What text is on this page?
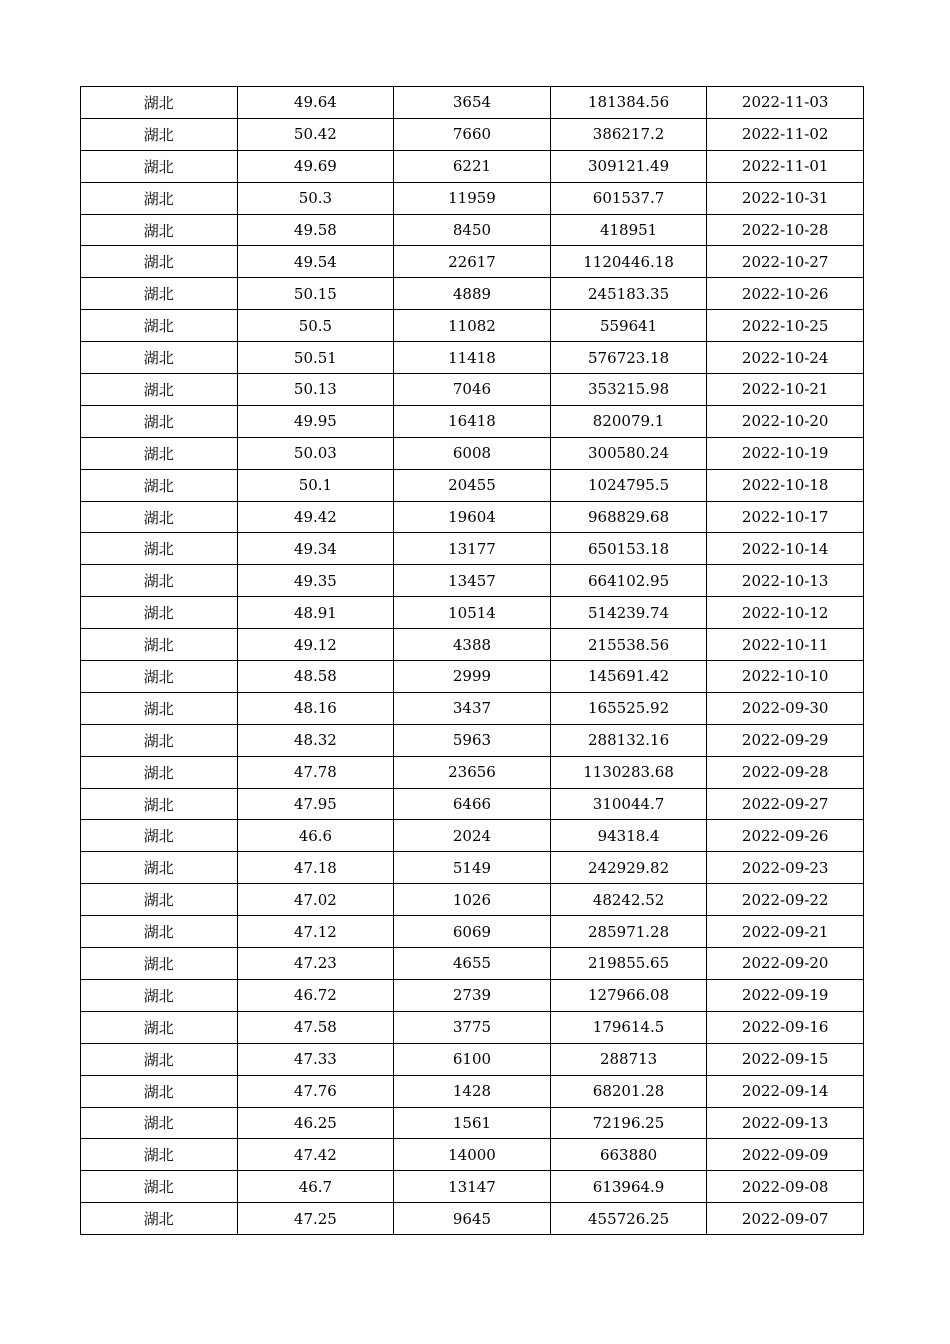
湖北	49.64	3654	181384.56	2022-11-03
湖北	50.42	7660	386217.2	2022-11-02
湖北	49.69	6221	309121.49	2022-11-01
湖北	50.3	11959	601537.7	2022-10-31
湖北	49.58	8450	418951	2022-10-28
湖北	49.54	22617	1120446.18	2022-10-27
湖北	50.15	4889	245183.35	2022-10-26
湖北	50.5	11082	559641	2022-10-25
湖北	50.51	11418	576723.18	2022-10-24
湖北	50.13	7046	353215.98	2022-10-21
湖北	49.95	16418	820079.1	2022-10-20
湖北	50.03	6008	300580.24	2022-10-19
湖北	50.1	20455	1024795.5	2022-10-18
湖北	49.42	19604	968829.68	2022-10-17
湖北	49.34	13177	650153.18	2022-10-14
湖北	49.35	13457	664102.95	2022-10-13
湖北	48.91	10514	514239.74	2022-10-12
湖北	49.12	4388	215538.56	2022-10-11
湖北	48.58	2999	145691.42	2022-10-10
湖北	48.16	3437	165525.92	2022-09-30
湖北	48.32	5963	288132.16	2022-09-29
湖北	47.78	23656	1130283.68	2022-09-28
湖北	47.95	6466	310044.7	2022-09-27
湖北	46.6	2024	94318.4	2022-09-26
湖北	47.18	5149	242929.82	2022-09-23
湖北	47.02	1026	48242.52	2022-09-22
湖北	47.12	6069	285971.28	2022-09-21
湖北	47.23	4655	219855.65	2022-09-20
湖北	46.72	2739	127966.08	2022-09-19
湖北	47.58	3775	179614.5	2022-09-16
湖北	47.33	6100	288713	2022-09-15
湖北	47.76	1428	68201.28	2022-09-14
湖北	46.25	1561	72196.25	2022-09-13
湖北	47.42	14000	663880	2022-09-09
湖北	46.7	13147	613964.9	2022-09-08
湖北	47.25	9645	455726.25	2022-09-07
